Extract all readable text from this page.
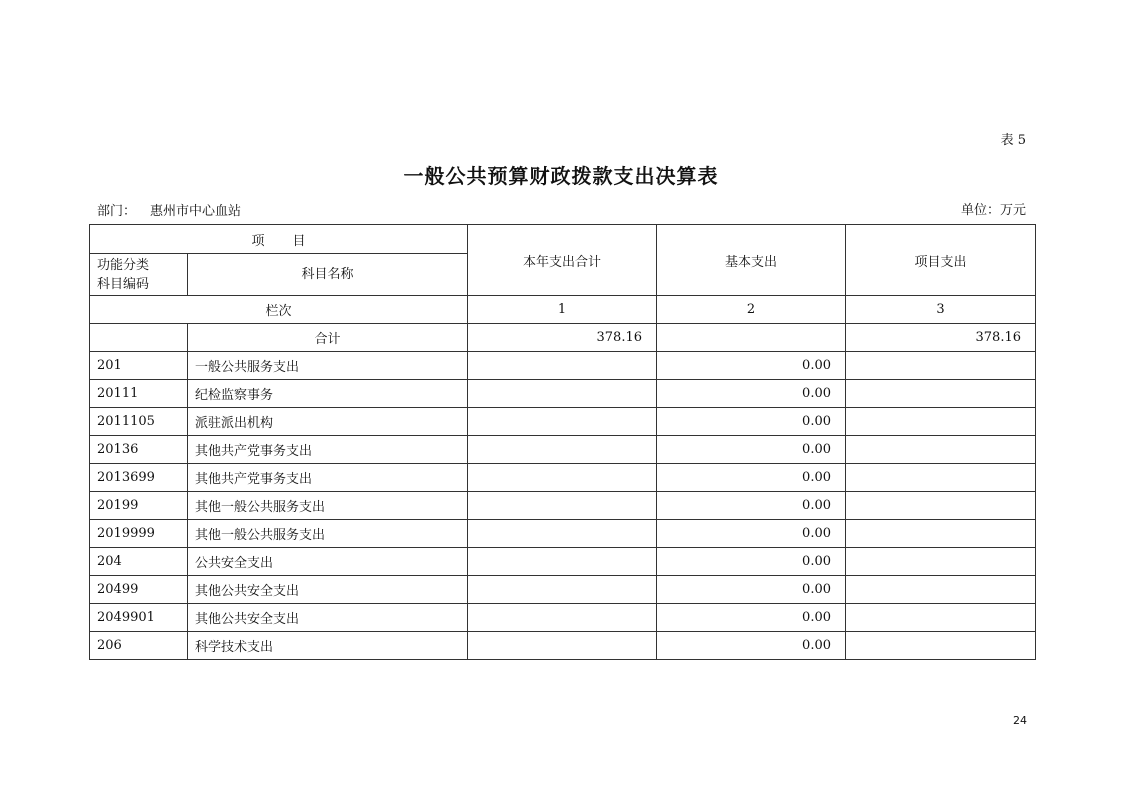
表 5
一般公共预算财政拨款支出决算表
部门： 惠州市中心血站	单位：万元
项 目		本年支出合计	基本支出	项目支出

功能分类
科目编码	科目名称			
栏次		1	2	3
	合计	378.16		378.16
201	一般公共服务支出		0.00	
20111	纪检监察事务		0.00	
2011105	派驻派出机构		0.00	
20136	其他共产党事务支出		0.00	
2013699	其他共产党事务支出		0.00	
20199	其他一般公共服务支出		0.00	
2019999	其他一般公共服务支出		0.00	
204	公共安全支出		0.00	
20499	其他公共安全支出		0.00	
2049901	其他公共安全支出		0.00	
206	科学技术支出		0.00	
24
